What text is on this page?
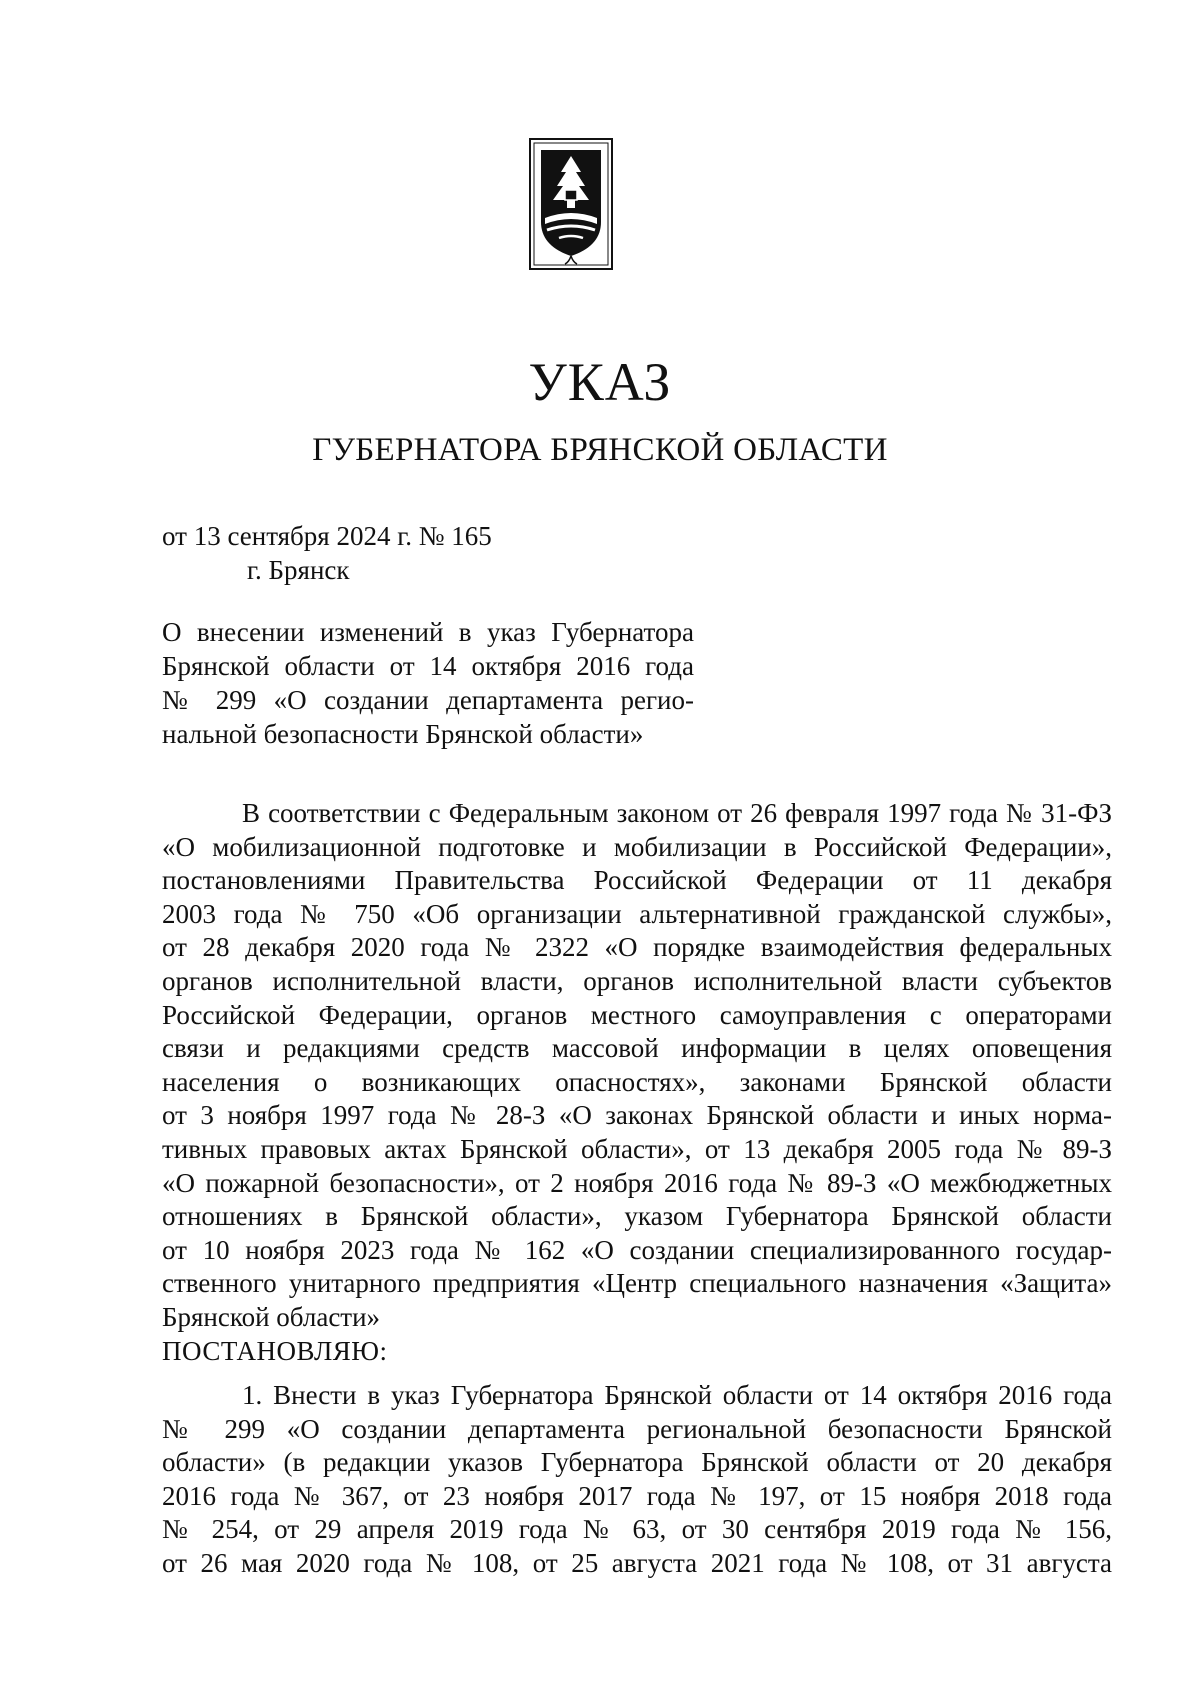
УКАЗ
ГУБЕРНАТОРА БРЯНСКОЙ ОБЛАСТИ
от 13 сентября 2024 г. № 165
г. Брянск
О внесении изменений в указ Губернатора
Брянской области от 14 октября 2016 года
№ 299 «О создании департамента регио-
нальной безопасности Брянской области»
В соответствии с Федеральным законом от 26 февраля 1997 года № 31-ФЗ
«О мобилизационной подготовке и мобилизации в Российской Федерации»,
постановлениями Правительства Российской Федерации от 11 декабря
2003 года № 750 «Об организации альтернативной гражданской службы»,
от 28 декабря 2020 года № 2322 «О порядке взаимодействия федеральных
органов исполнительной власти, органов исполнительной власти субъектов
Российской Федерации, органов местного самоуправления с операторами
связи и редакциями средств массовой информации в целях оповещения
населения о возникающих опасностях», законами Брянской области
от 3 ноября 1997 года № 28-З «О законах Брянской области и иных норма-
тивных правовых актах Брянской области», от 13 декабря 2005 года № 89-З
«О пожарной безопасности», от 2 ноября 2016 года № 89-З «О межбюджетных
отношениях в Брянской области», указом Губернатора Брянской области
от 10 ноября 2023 года № 162 «О создании специализированного государ-
ственного унитарного предприятия «Центр специального назначения «Защита»
Брянской области»
ПОСТАНОВЛЯЮ:
1. Внести в указ Губернатора Брянской области от 14 октября 2016 года
№ 299 «О создании департамента региональной безопасности Брянской
области» (в редакции указов Губернатора Брянской области от 20 декабря
2016 года № 367, от 23 ноября 2017 года № 197, от 15 ноября 2018 года
№ 254, от 29 апреля 2019 года № 63, от 30 сентября 2019 года № 156,
от 26 мая 2020 года № 108, от 25 августа 2021 года № 108, от 31 августа
